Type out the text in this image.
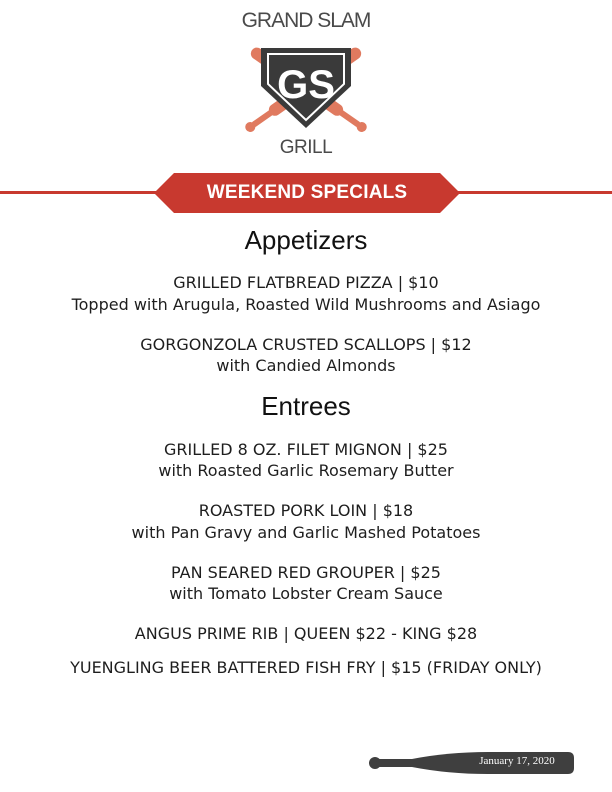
GRAND SLAM
GS
GRILL
WEEKEND SPECIALS
Appetizers
GRILLED FLATBREAD PIZZA | $10
Topped with Arugula, Roasted Wild Mushrooms and Asiago
GORGONZOLA CRUSTED SCALLOPS | $12
with Candied Almonds
Entrees
GRILLED 8 OZ. FILET MIGNON | $25
with Roasted Garlic Rosemary Butter
ROASTED PORK LOIN | $18
with Pan Gravy and Garlic Mashed Potatoes
PAN SEARED RED GROUPER | $25
with Tomato Lobster Cream Sauce
ANGUS PRIME RIB | QUEEN $22 - KING $28
YUENGLING BEER BATTERED FISH FRY | $15 (FRIDAY ONLY)
January 17, 2020
